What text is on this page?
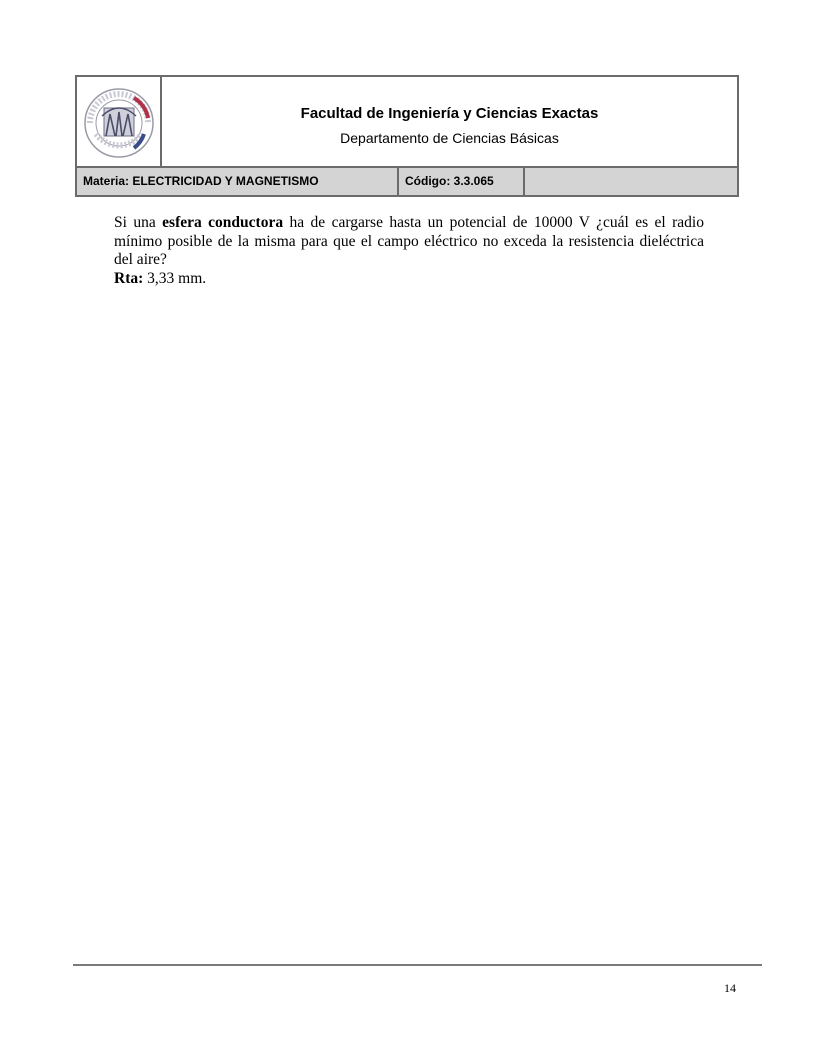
Facultad de Ingeniería y Ciencias Exactas
Departamento de Ciencias Básicas
Materia: ELECTRICIDAD Y MAGNETISMO	Código: 3.3.065

Si una esfera conductora ha de cargarse hasta un potencial de 10000 V ¿cuál es el radio mínimo posible de la misma para que el campo eléctrico no exceda la resistencia dieléctrica del aire?

Rta: 3,33 mm.
14
